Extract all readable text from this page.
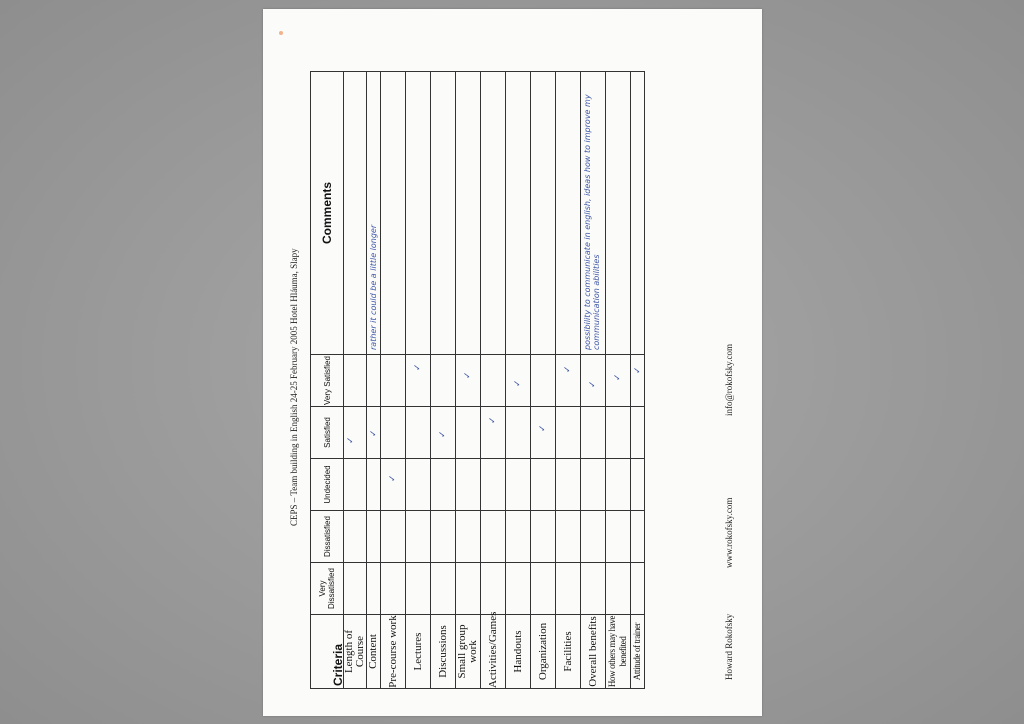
CEPS – Team building in English 24-25 February 2005 Hotel Hláuma, Slapy
Criteria	Very Dissatisfied	Dissatisfied	Undecided	Satisfied	Very Satisfied	Comments
Length of Course				✓		

Content				✓		rather it could be a little longer

Pre-course work			✓			

Lectures					✓	

Discussions				✓		

Small group work					✓	

Activities/Games				✓		

Handouts					✓	

Organization				✓		

Facilities					✓	

Overall benefits					✓	possibility to communicate in english, ideas how to improve my communication abilities

How others may have benefited					✓	

Attitude of trainer					✓	

Howard Rokofsky
www.rokofsky.com
info@rokofsky.com
